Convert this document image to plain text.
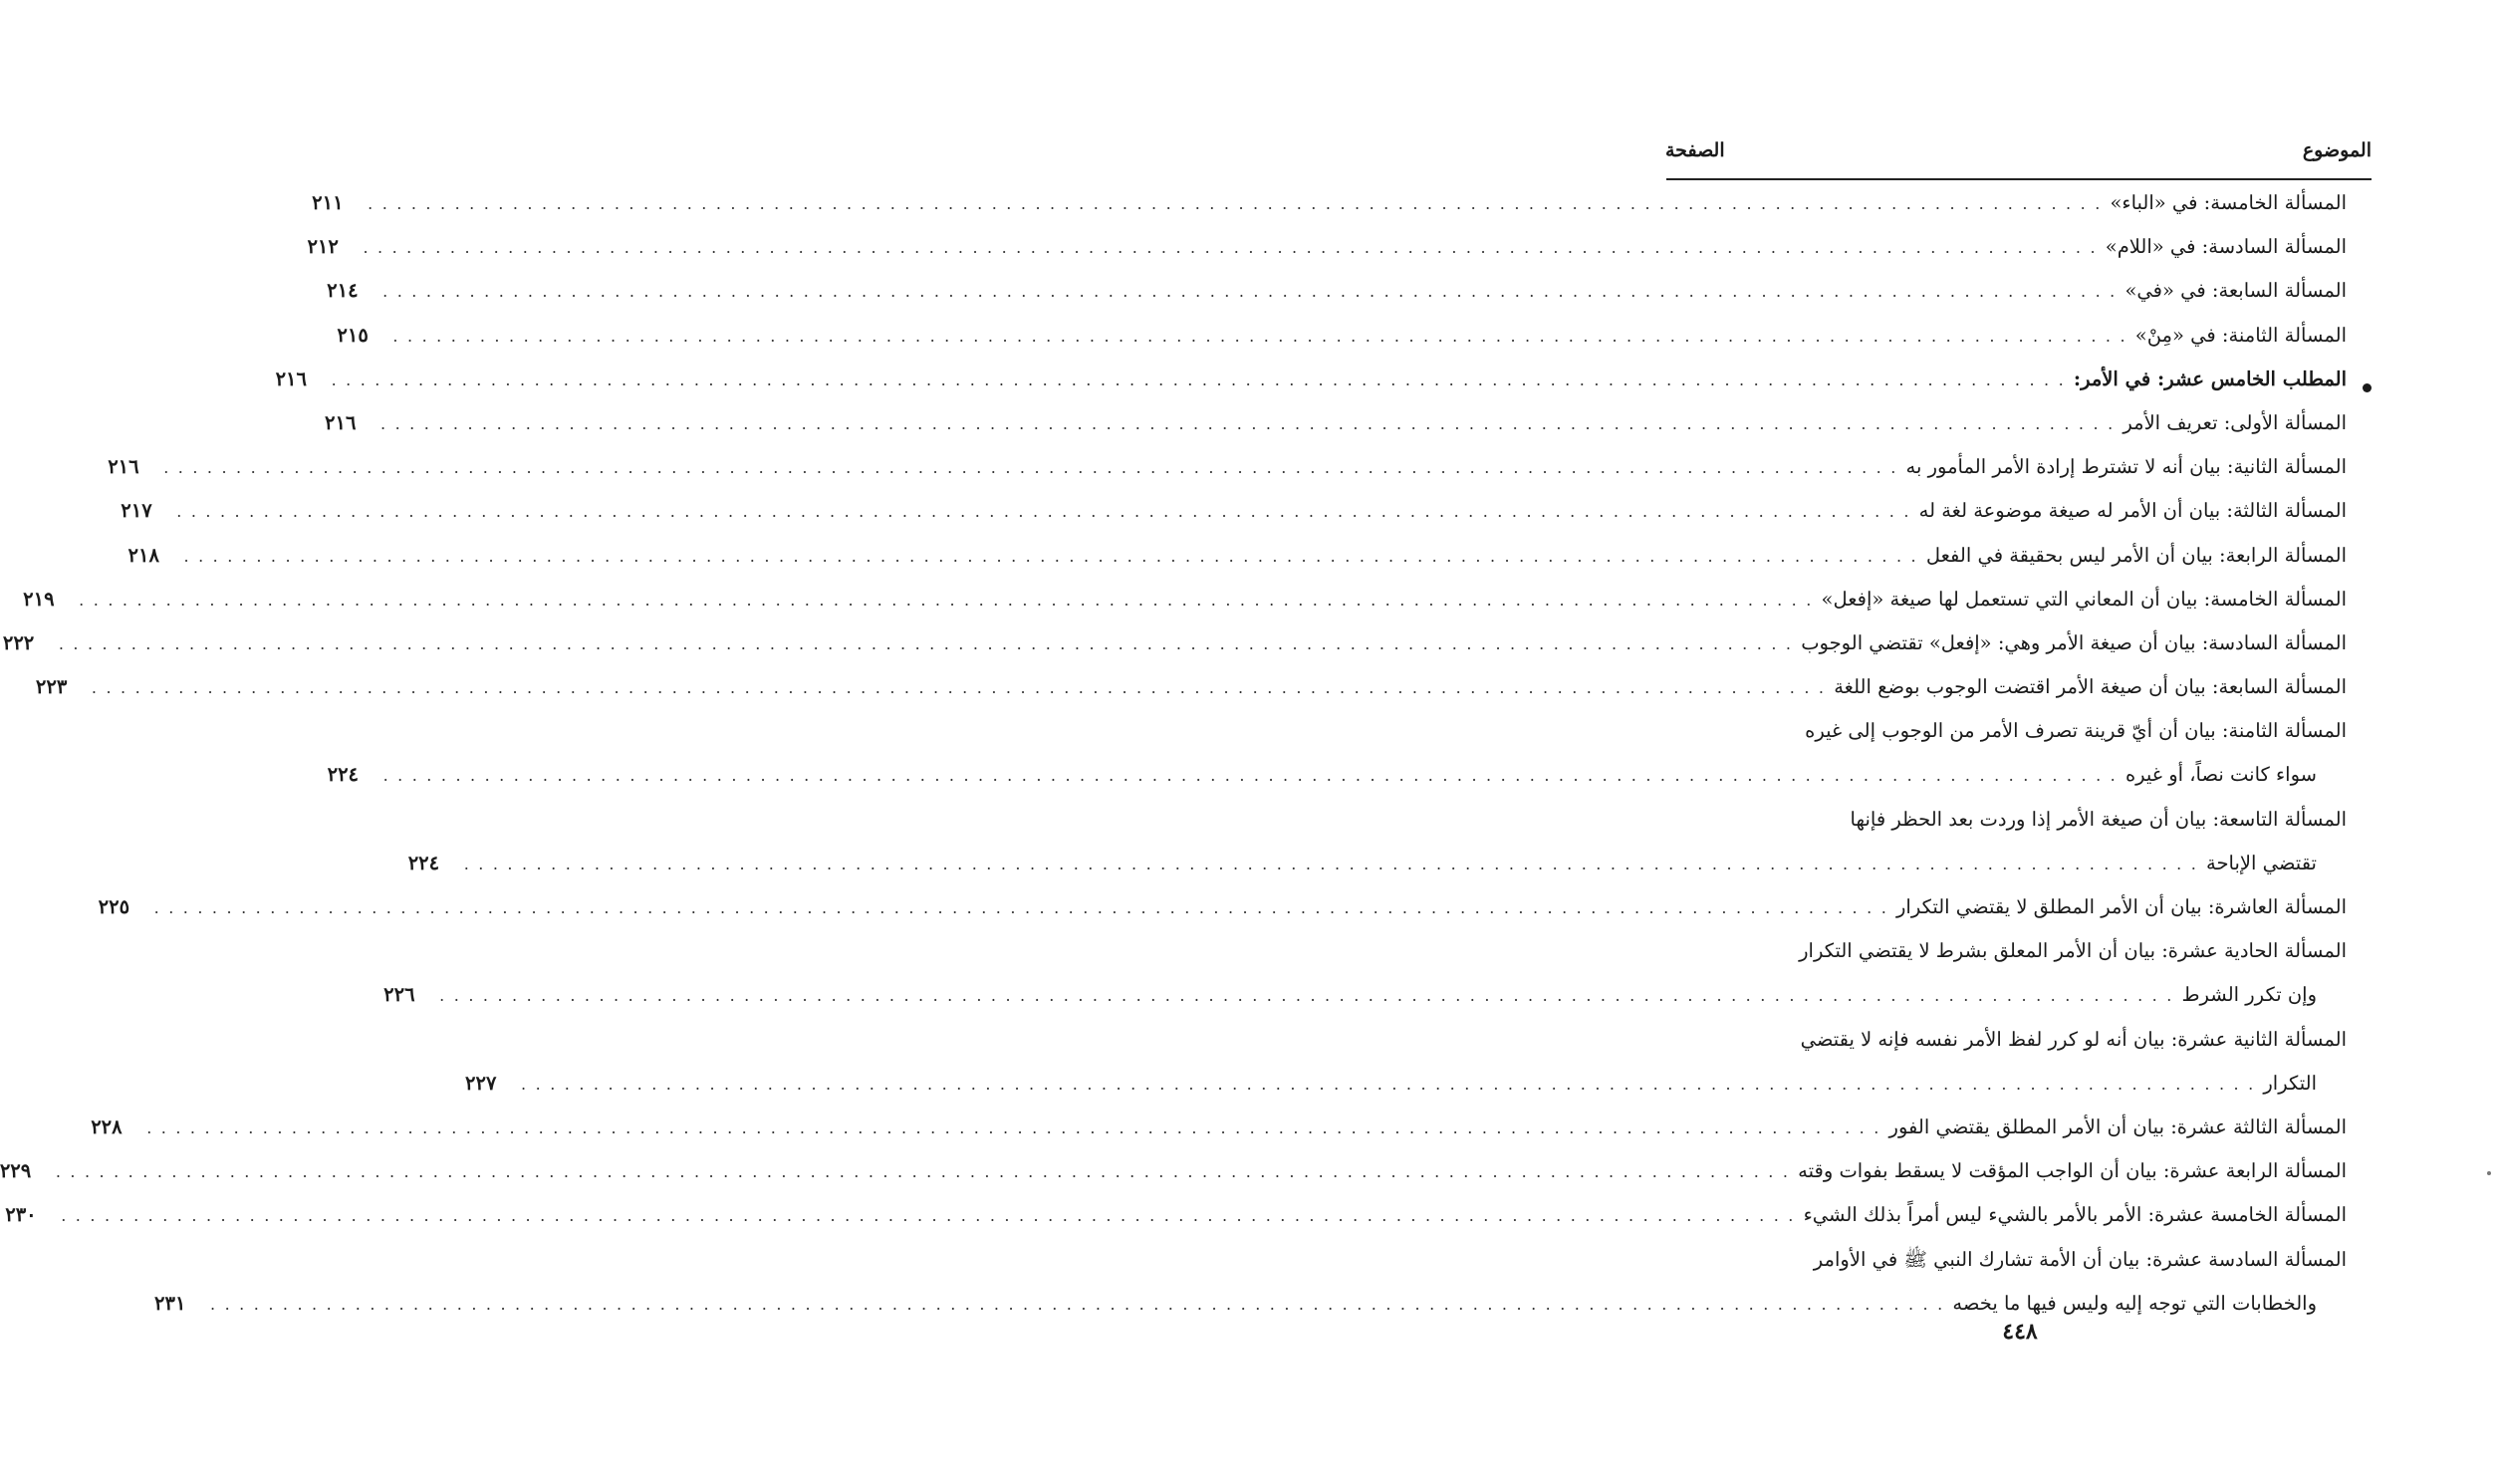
الموضوع
الصفحة
المسألة الخامسة: في «الباء»
. . . . . . . . . . . . . . . . . . . . . . . . . . . . . . . . . . . . . . . . . . . . . . . . . . . . . . . . . . . . . . . . . . . . . . . . . . . . . . . . . . . . . . . . . . . . . . . . . . . . . . . . . . . . . . . . . . . . . . . .
٢١١
المسألة السادسة: في «اللام»
. . . . . . . . . . . . . . . . . . . . . . . . . . . . . . . . . . . . . . . . . . . . . . . . . . . . . . . . . . . . . . . . . . . . . . . . . . . . . . . . . . . . . . . . . . . . . . . . . . . . . . . . . . . . . . . . . . . . . . . .
٢١٢
المسألة السابعة: في «في»
. . . . . . . . . . . . . . . . . . . . . . . . . . . . . . . . . . . . . . . . . . . . . . . . . . . . . . . . . . . . . . . . . . . . . . . . . . . . . . . . . . . . . . . . . . . . . . . . . . . . . . . . . . . . . . . . . . . . . . . .
٢١٤
المسألة الثامنة: في «مِنْ»
. . . . . . . . . . . . . . . . . . . . . . . . . . . . . . . . . . . . . . . . . . . . . . . . . . . . . . . . . . . . . . . . . . . . . . . . . . . . . . . . . . . . . . . . . . . . . . . . . . . . . . . . . . . . . . . . . . . . . . . .
٢١٥
المطلب الخامس عشر: في الأمر:
. . . . . . . . . . . . . . . . . . . . . . . . . . . . . . . . . . . . . . . . . . . . . . . . . . . . . . . . . . . . . . . . . . . . . . . . . . . . . . . . . . . . . . . . . . . . . . . . . . . . . . . . . . . . . . . . . . . . . . . .
٢١٦
المسألة الأولى: تعريف الأمر
. . . . . . . . . . . . . . . . . . . . . . . . . . . . . . . . . . . . . . . . . . . . . . . . . . . . . . . . . . . . . . . . . . . . . . . . . . . . . . . . . . . . . . . . . . . . . . . . . . . . . . . . . . . . . . . . . . . . . . . .
٢١٦
المسألة الثانية: بيان أنه لا تشترط إرادة الأمر المأمور به
. . . . . . . . . . . . . . . . . . . . . . . . . . . . . . . . . . . . . . . . . . . . . . . . . . . . . . . . . . . . . . . . . . . . . . . . . . . . . . . . . . . . . . . . . . . . . . . . . . . . . . . . . . . . . . . . . . . . . . . .
٢١٦
المسألة الثالثة: بيان أن الأمر له صيغة موضوعة لغة له
. . . . . . . . . . . . . . . . . . . . . . . . . . . . . . . . . . . . . . . . . . . . . . . . . . . . . . . . . . . . . . . . . . . . . . . . . . . . . . . . . . . . . . . . . . . . . . . . . . . . . . . . . . . . . . . . . . . . . . . .
٢١٧
المسألة الرابعة: بيان أن الأمر ليس بحقيقة في الفعل
. . . . . . . . . . . . . . . . . . . . . . . . . . . . . . . . . . . . . . . . . . . . . . . . . . . . . . . . . . . . . . . . . . . . . . . . . . . . . . . . . . . . . . . . . . . . . . . . . . . . . . . . . . . . . . . . . . . . . . . .
٢١٨
المسألة الخامسة: بيان أن المعاني التي تستعمل لها صيغة «إفعل»
. . . . . . . . . . . . . . . . . . . . . . . . . . . . . . . . . . . . . . . . . . . . . . . . . . . . . . . . . . . . . . . . . . . . . . . . . . . . . . . . . . . . . . . . . . . . . . . . . . . . . . . . . . . . . . . . . . . . . . . .
٢١٩
المسألة السادسة: بيان أن صيغة الأمر وهي: «إفعل» تقتضي الوجوب
. . . . . . . . . . . . . . . . . . . . . . . . . . . . . . . . . . . . . . . . . . . . . . . . . . . . . . . . . . . . . . . . . . . . . . . . . . . . . . . . . . . . . . . . . . . . . . . . . . . . . . . . . . . . . . . . . . . . . . . .
٢٢٢
المسألة السابعة: بيان أن صيغة الأمر اقتضت الوجوب بوضع اللغة
. . . . . . . . . . . . . . . . . . . . . . . . . . . . . . . . . . . . . . . . . . . . . . . . . . . . . . . . . . . . . . . . . . . . . . . . . . . . . . . . . . . . . . . . . . . . . . . . . . . . . . . . . . . . . . . . . . . . . . . .
٢٢٣
المسألة الثامنة: بيان أن أيّ قرينة تصرف الأمر من الوجوب إلى غيره
سواء كانت نصاً، أو غيره
. . . . . . . . . . . . . . . . . . . . . . . . . . . . . . . . . . . . . . . . . . . . . . . . . . . . . . . . . . . . . . . . . . . . . . . . . . . . . . . . . . . . . . . . . . . . . . . . . . . . . . . . . . . . . . . . . . . . . . . .
٢٢٤
المسألة التاسعة: بيان أن صيغة الأمر إذا وردت بعد الحظر فإنها
تقتضي الإباحة
. . . . . . . . . . . . . . . . . . . . . . . . . . . . . . . . . . . . . . . . . . . . . . . . . . . . . . . . . . . . . . . . . . . . . . . . . . . . . . . . . . . . . . . . . . . . . . . . . . . . . . . . . . . . . . . . . . . . . . . .
٢٢٤
المسألة العاشرة: بيان أن الأمر المطلق لا يقتضي التكرار
. . . . . . . . . . . . . . . . . . . . . . . . . . . . . . . . . . . . . . . . . . . . . . . . . . . . . . . . . . . . . . . . . . . . . . . . . . . . . . . . . . . . . . . . . . . . . . . . . . . . . . . . . . . . . . . . . . . . . . . .
٢٢٥
المسألة الحادية عشرة: بيان أن الأمر المعلق بشرط لا يقتضي التكرار
وإن تكرر الشرط
. . . . . . . . . . . . . . . . . . . . . . . . . . . . . . . . . . . . . . . . . . . . . . . . . . . . . . . . . . . . . . . . . . . . . . . . . . . . . . . . . . . . . . . . . . . . . . . . . . . . . . . . . . . . . . . . . . . . . . . .
٢٢٦
المسألة الثانية عشرة: بيان أنه لو كرر لفظ الأمر نفسه فإنه لا يقتضي
التكرار
. . . . . . . . . . . . . . . . . . . . . . . . . . . . . . . . . . . . . . . . . . . . . . . . . . . . . . . . . . . . . . . . . . . . . . . . . . . . . . . . . . . . . . . . . . . . . . . . . . . . . . . . . . . . . . . . . . . . . . . .
٢٢٧
المسألة الثالثة عشرة: بيان أن الأمر المطلق يقتضي الفور
. . . . . . . . . . . . . . . . . . . . . . . . . . . . . . . . . . . . . . . . . . . . . . . . . . . . . . . . . . . . . . . . . . . . . . . . . . . . . . . . . . . . . . . . . . . . . . . . . . . . . . . . . . . . . . . . . . . . . . . .
٢٢٨
المسألة الرابعة عشرة: بيان أن الواجب المؤقت لا يسقط بفوات وقته
. . . . . . . . . . . . . . . . . . . . . . . . . . . . . . . . . . . . . . . . . . . . . . . . . . . . . . . . . . . . . . . . . . . . . . . . . . . . . . . . . . . . . . . . . . . . . . . . . . . . . . . . . . . . . . . . . . . . . . . .
٢٢٩
المسألة الخامسة عشرة: الأمر بالأمر بالشيء ليس أمراً بذلك الشيء
. . . . . . . . . . . . . . . . . . . . . . . . . . . . . . . . . . . . . . . . . . . . . . . . . . . . . . . . . . . . . . . . . . . . . . . . . . . . . . . . . . . . . . . . . . . . . . . . . . . . . . . . . . . . . . . . . . . . . . . .
٢٣٠
المسألة السادسة عشرة: بيان أن الأمة تشارك النبي ﷺ في الأوامر
والخطابات التي توجه إليه وليس فيها ما يخصه
. . . . . . . . . . . . . . . . . . . . . . . . . . . . . . . . . . . . . . . . . . . . . . . . . . . . . . . . . . . . . . . . . . . . . . . . . . . . . . . . . . . . . . . . . . . . . . . . . . . . . . . . . . . . . . . . . . . . . . . .
٢٣١
٤٤٨
